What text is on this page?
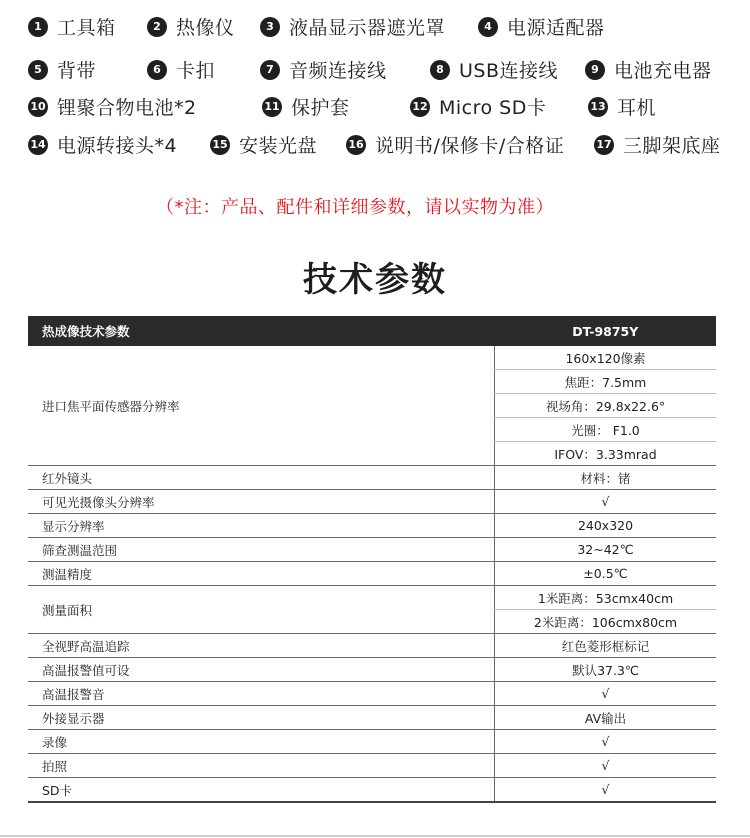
1 工具箱	2 热像仪	3 液晶显示器遮光罩	4 电源适配器
5 背带	6 卡扣	7 音频连接线	8 USB连接线	9 电池充电器
10 锂聚合物电池*2	11 保护套	12 Micro SD卡	13 耳机
14 电源转接头*4	15 安装光盘	16 说明书/保修卡/合格证	17 三脚架底座
（*注：产品、配件和详细参数，请以实物为准）
技术参数
热成像技术参数	DT-9875Y
进口焦平面传感器分辨率	160x120像素
	焦距：7.5mm
	视场角：29.8x22.6°
	光圈： F1.0
	IFOV：3.33mrad
红外镜头	材料：锗
可见光摄像头分辨率	√
显示分辨率	240x320
筛查测温范围	32~42℃
测温精度	±0.5℃
测量面积	1米距离：53cmx40cm
	2米距离：106cmx80cm
全视野高温追踪	红色菱形框标记
高温报警值可设	默认37.3℃
高温报警音	√
外接显示器	AV输出
录像	√
拍照	√
SD卡	√
